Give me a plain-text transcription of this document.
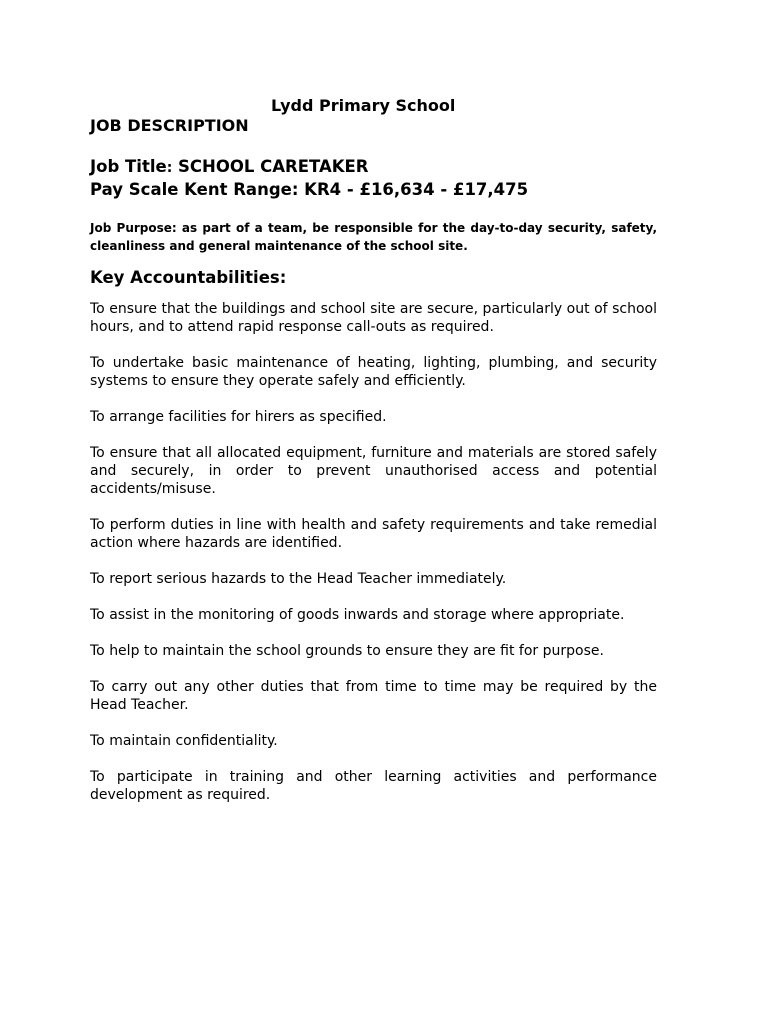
Lydd Primary School
JOB DESCRIPTION
Job Title: SCHOOL CARETAKER
Pay Scale Kent Range: KR4 - £16,634 - £17,475
Job Purpose: as part of a team, be responsible for the day-to-day security, safety, cleanliness and general maintenance of the school site.
Key Accountabilities:

To ensure that the buildings and school site are secure, particularly out of school hours, and to attend rapid response call-outs as required.

To undertake basic maintenance of heating, lighting, plumbing, and security systems to ensure they operate safely and efficiently.

To arrange facilities for hirers as specified.

To ensure that all allocated equipment, furniture and materials are stored safely and securely, in order to prevent unauthorised access and potential accidents/misuse.

To perform duties in line with health and safety requirements and take remedial action where hazards are identified.

To report serious hazards to the Head Teacher immediately.

To assist in the monitoring of goods inwards and storage where appropriate.

To help to maintain the school grounds to ensure they are fit for purpose.

To carry out any other duties that from time to time may be required by the Head Teacher.

To maintain confidentiality.

To participate in training and other learning activities and performance development as required.
